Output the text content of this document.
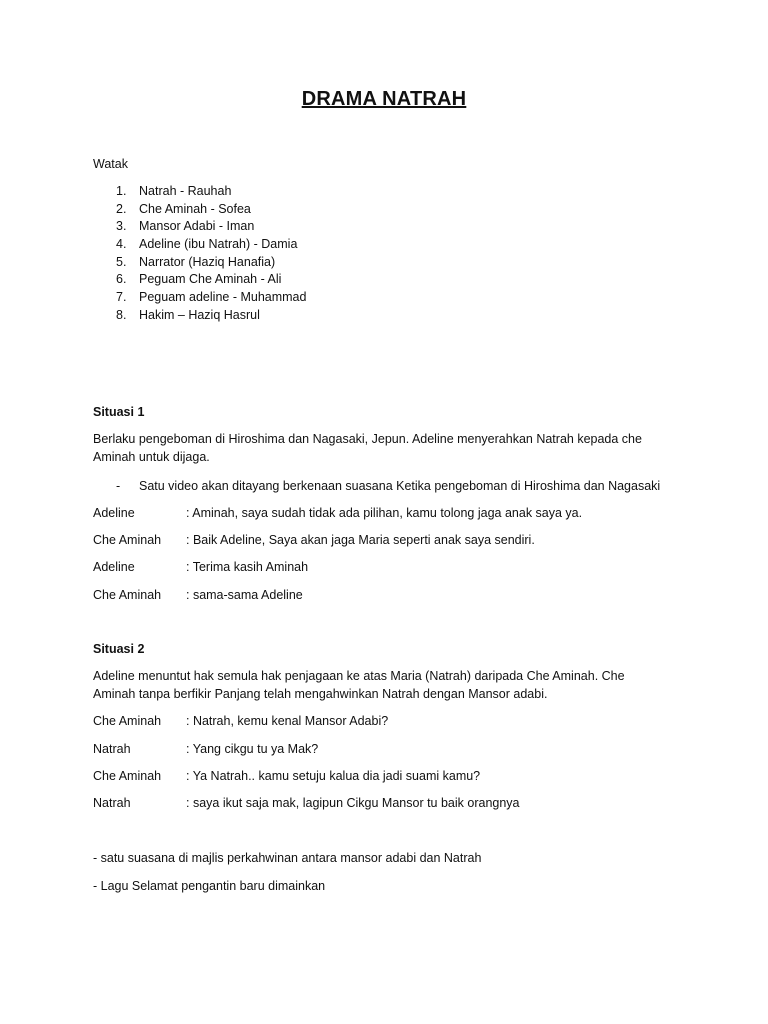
DRAMA NATRAH
Watak
1. Natrah - Rauhah
2. Che Aminah - Sofea
3. Mansor Adabi - Iman
4. Adeline (ibu Natrah) - Damia
5. Narrator (Haziq Hanafia)
6. Peguam Che Aminah - Ali
7. Peguam adeline - Muhammad
8. Hakim – Haziq Hasrul
Situasi 1
Berlaku pengeboman di Hiroshima dan Nagasaki, Jepun. Adeline menyerahkan Natrah kepada che
Aminah untuk dijaga.
- Satu video akan ditayang berkenaan suasana Ketika pengeboman di Hiroshima dan Nagasaki
Adeline	: Aminah, saya sudah tidak ada pilihan, kamu tolong jaga anak saya ya.
Che Aminah : Baik Adeline, Saya akan jaga Maria seperti anak saya sendiri.
Adeline	: Terima kasih Aminah
Che Aminah : sama-sama Adeline
Situasi 2
Adeline menuntut hak semula hak penjagaan ke atas Maria (Natrah) daripada Che Aminah. Che
Aminah tanpa berfikir Panjang telah mengahwinkan Natrah dengan Mansor adabi.
Che Aminah : Natrah, kemu kenal Mansor Adabi?
Natrah	: Yang cikgu tu ya Mak?
Che Aminah : Ya Natrah.. kamu setuju kalua dia jadi suami kamu?
Natrah	: saya ikut saja mak, lagipun Cikgu Mansor tu baik orangnya
- satu suasana di majlis perkahwinan antara mansor adabi dan Natrah
- Lagu Selamat pengantin baru dimainkan
